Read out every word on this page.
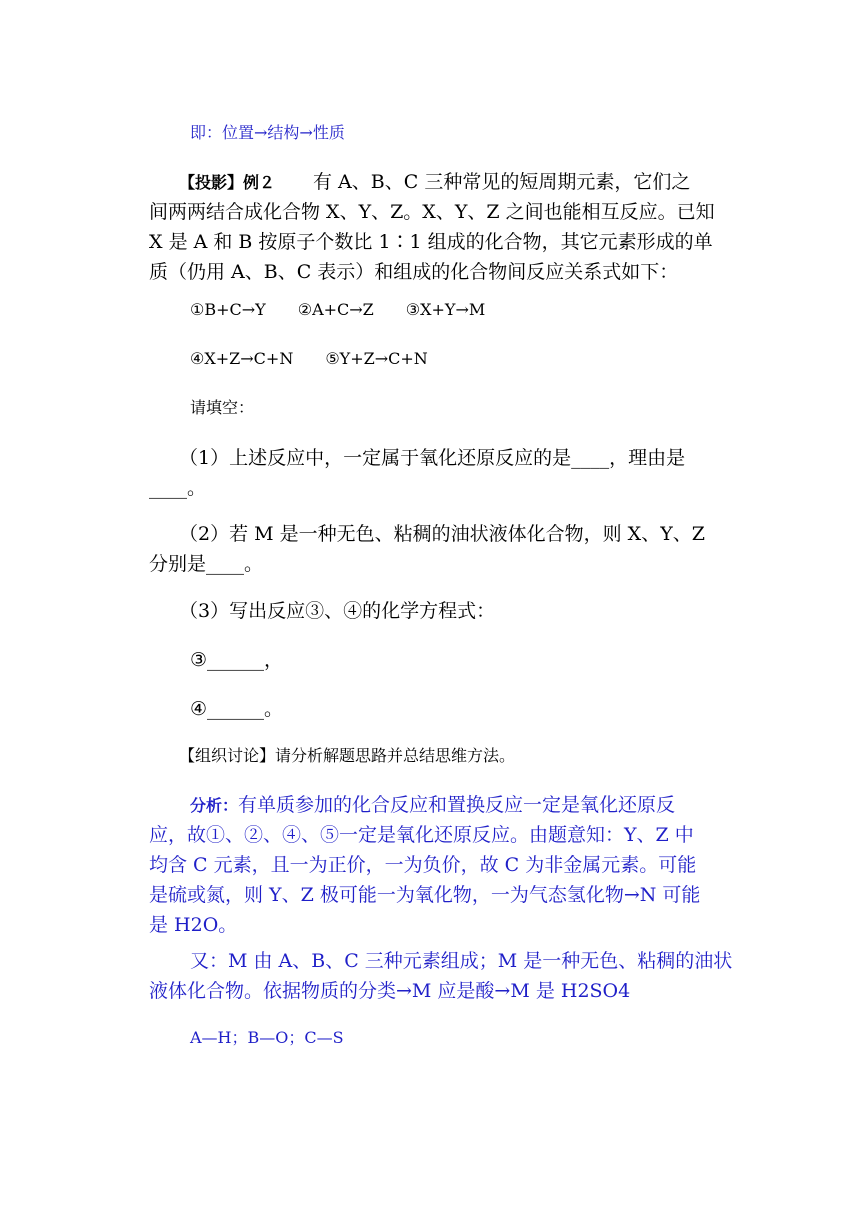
即：位置→结构→性质
【投影】例２　　有 A、B、C 三种常见的短周期元素，它们之
间两两结合成化合物 X、Y、Z。X、Y、Z 之间也能相互反应。已知
X 是 A 和 B 按原子个数比 1∶1 组成的化合物，其它元素形成的单
质（仍用 A、B、C 表示）和组成的化合物间反应关系式如下：
①B+C→Y　　②A+C→Z　　③X+Y→M
④X+Z→C+N　　⑤Y+Z→C+N
请填空：
（1）上述反应中，一定属于氧化还原反应的是____，理由是
____。
（2）若 M 是一种无色、粘稠的油状液体化合物，则 X、Y、Z
分别是____。
（3）写出反应③、④的化学方程式：
③______，
④______。
【组织讨论】请分析解题思路并总结思维方法。
分析：有单质参加的化合反应和置换反应一定是氧化还原反
应，故①、②、④、⑤一定是氧化还原反应。由题意知：Y、Z 中
均含 C 元素，且一为正价，一为负价，故 C 为非金属元素。可能
是硫或氮，则 Y、Z 极可能一为氧化物，一为气态氢化物→N 可能
是 H2O。
又：M 由 A、B、C 三种元素组成；M 是一种无色、粘稠的油状
液体化合物。依据物质的分类→M 应是酸→M 是 H2SO4
A—H；B—O；C—S
